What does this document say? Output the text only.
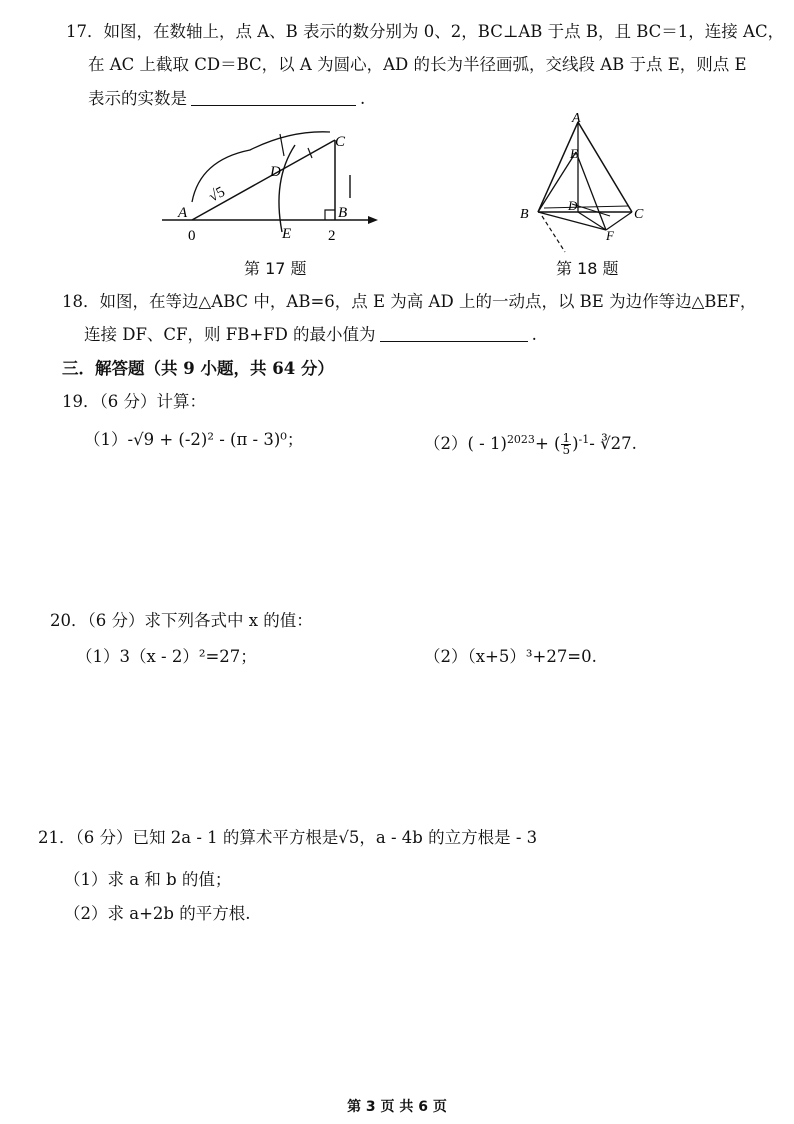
17．如图，在数轴上，点 A、B 表示的数分别为 0、2，BC⊥AB 于点 B，且 BC＝1，连接 AC，
在 AC 上截取 CD＝BC，以 A 为圆心，AD 的长为半径画弧，交线段 AB 于点 E，则点 E
表示的实数是	.
A	B
C
D
E
0	2
√5
第 17 题
A
B	C
D
E
F
第 18 题
18．如图，在等边△ABC 中，AB=6，点 E 为高 AD 上的一动点，以 BE 为边作等边△BEF，
连接 DF、CF，则 FB+FD 的最小值为	.
三．解答题（共 9 小题，共 64 分）
19．（6 分）计算：
（1）-√9 + (-2)² - (π - 3)⁰；	（2）( - 1)$^{2023}$+ ( $\frac{1}{5} )^{-1}-$ ∛27.
20．（6 分）求下列各式中 x 的值：
（1）3（x - 2）²=27；	（2）（x+5）³+27=0.
21．（6 分）已知 2a - 1 的算术平方根是√5，a - 4b 的立方根是 - 3
（1）求 a 和 b 的值；
（2）求 a+2b 的平方根.
第 3 页 共 6 页
